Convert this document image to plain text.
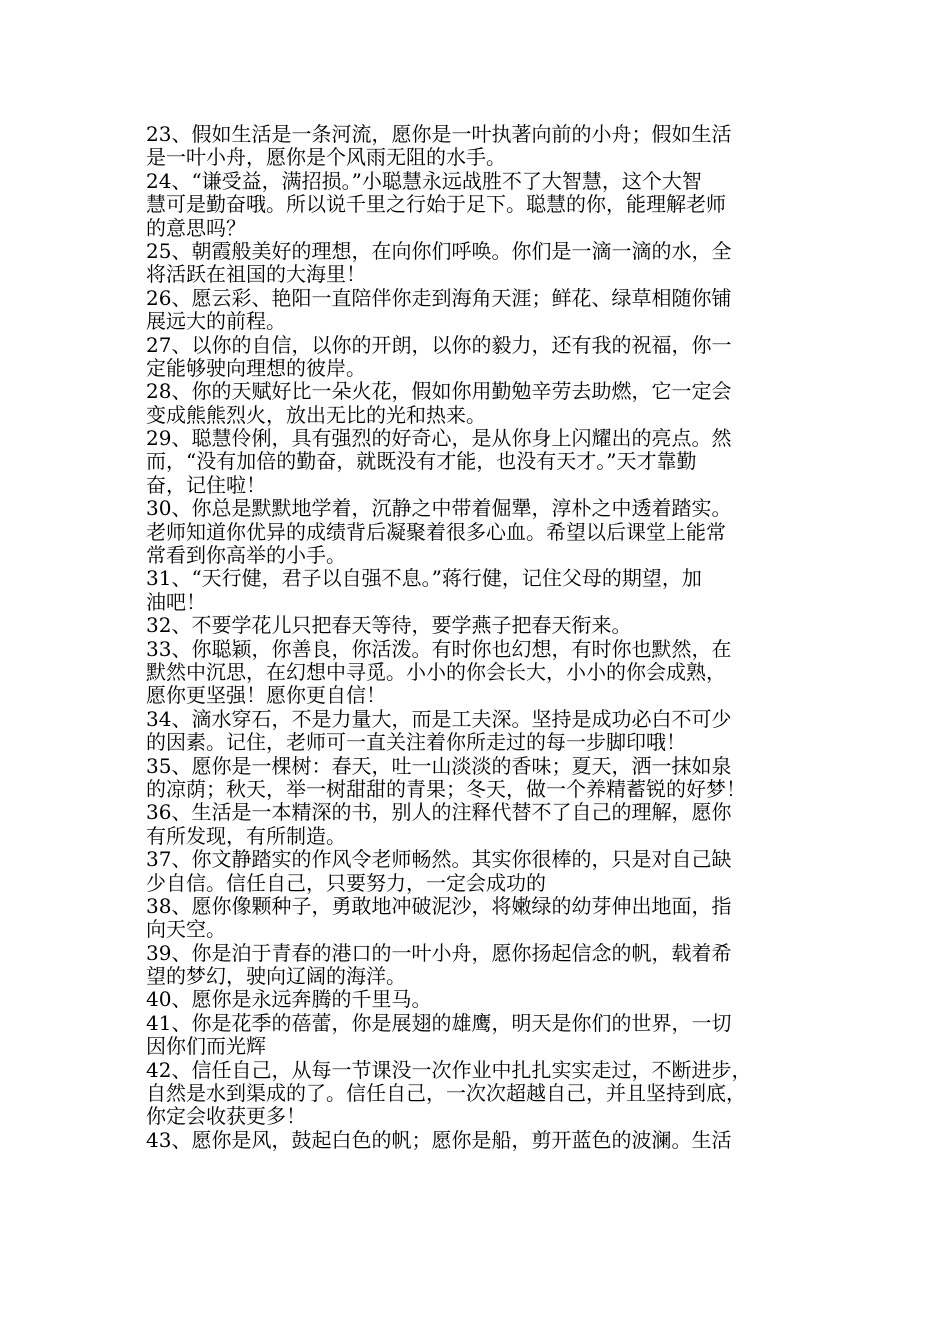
23、假如生活是一条河流，愿你是一叶执著向前的小舟；假如生活
是一叶小舟，愿你是个风雨无阻的水手。
24、“谦受益，满招损。”小聪慧永远战胜不了大智慧，这个大智
慧可是勤奋哦。所以说千里之行始于足下。聪慧的你，能理解老师
的意思吗？
25、朝霞般美好的理想，在向你们呼唤。你们是一滴一滴的水，全
将活跃在祖国的大海里！
26、愿云彩、艳阳一直陪伴你走到海角天涯；鲜花、绿草相随你铺
展远大的前程。
27、以你的自信，以你的开朗，以你的毅力，还有我的祝福，你一
定能够驶向理想的彼岸。
28、你的天赋好比一朵火花，假如你用勤勉辛劳去助燃，它一定会
变成熊熊烈火，放出无比的光和热来。
29、聪慧伶俐，具有强烈的好奇心，是从你身上闪耀出的亮点。然
而，“没有加倍的勤奋，就既没有才能，也没有天才。”天才靠勤
奋，记住啦！
30、你总是默默地学着，沉静之中带着倔犟，淳朴之中透着踏实。
老师知道你优异的成绩背后凝聚着很多心血。希望以后课堂上能常
常看到你高举的小手。
31、“天行健，君子以自强不息。”蒋行健，记住父母的期望，加
油吧！
32、不要学花儿只把春天等待，要学燕子把春天衔来。
33、你聪颖，你善良，你活泼。有时你也幻想，有时你也默然，在
默然中沉思，在幻想中寻觅。小小的你会长大，小小的你会成熟，
愿你更坚强！愿你更自信！
34、滴水穿石，不是力量大，而是工夫深。坚持是成功必白不可少
的因素。记住，老师可一直关注着你所走过的每一步脚印哦！
35、愿你是一棵树：春天，吐一山淡淡的香味；夏天，洒一抹如泉
的凉荫；秋天，举一树甜甜的青果；冬天，做一个养精蓄锐的好梦！
36、生活是一本精深的书，别人的注释代替不了自己的理解，愿你
有所发现，有所制造。
37、你文静踏实的作风令老师畅然。其实你很棒的，只是对自己缺
少自信。信任自己，只要努力，一定会成功的
38、愿你像颗种子，勇敢地冲破泥沙，将嫩绿的幼芽伸出地面，指
向天空。
39、你是泊于青春的港口的一叶小舟，愿你扬起信念的帆，载着希
望的梦幻，驶向辽阔的海洋。
40、愿你是永远奔腾的千里马。
41、你是花季的蓓蕾，你是展翅的雄鹰，明天是你们的世界，一切
因你们而光辉
42、信任自己，从每一节课没一次作业中扎扎实实走过，不断进步，
自然是水到渠成的了。信任自己，一次次超越自己，并且坚持到底，
你定会收获更多！
43、愿你是风，鼓起白色的帆；愿你是船，剪开蓝色的波澜。生活
